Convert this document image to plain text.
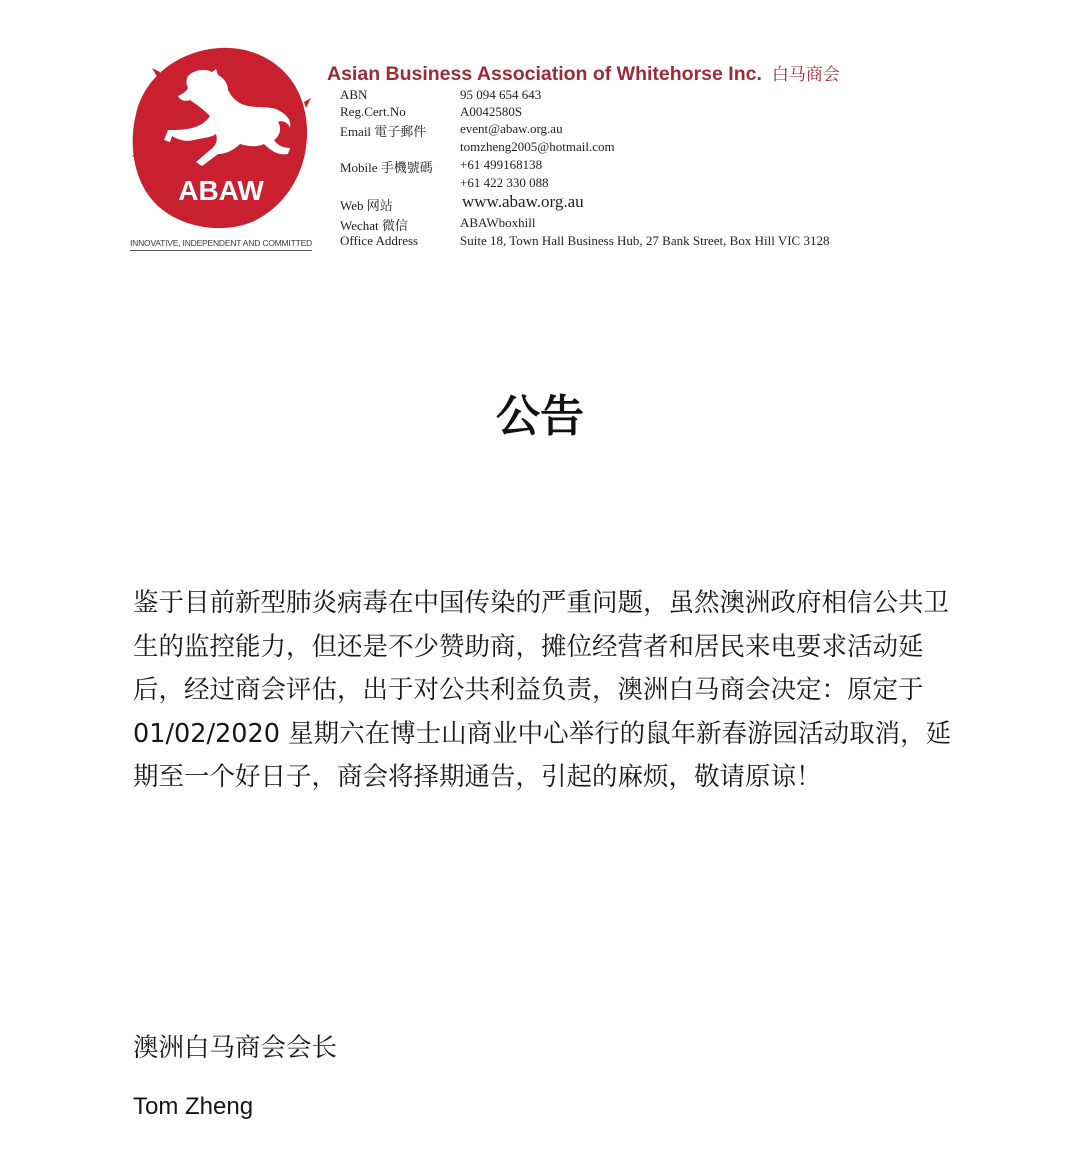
ABAW
INNOVATIVE, INDEPENDENT AND COMMITTED
Asian Business Association of Whitehorse Inc. 白马商会
ABN	95 094 654 643
Reg.Cert.No	A0042580S
Email 電子郵件	event@abaw.org.au
tomzheng2005@hotmail.com
Mobile 手機號碼 +61 499168138
+61 422 330 088
Web 网站	www.abaw.org.au
Wechat 微信	ABAWboxhill
Office Address	Suite 18, Town Hall Business Hub, 27 Bank Street, Box Hill VIC 3128
公告
鉴于目前新型肺炎病毒在中国传染的严重问题，虽然澳洲政府相信公共卫生的监控能力，但还是不少赞助商，摊位经营者和居民来电要求活动延后，经过商会评估，出于对公共利益负责，澳洲白马商会决定：原定于 01/02/2020 星期六在博士山商业中心举行的鼠年新春游园活动取消，延期至一个好日子，商会将择期通告，引起的麻烦，敬请原谅！
澳洲白马商会会长
Tom Zheng
